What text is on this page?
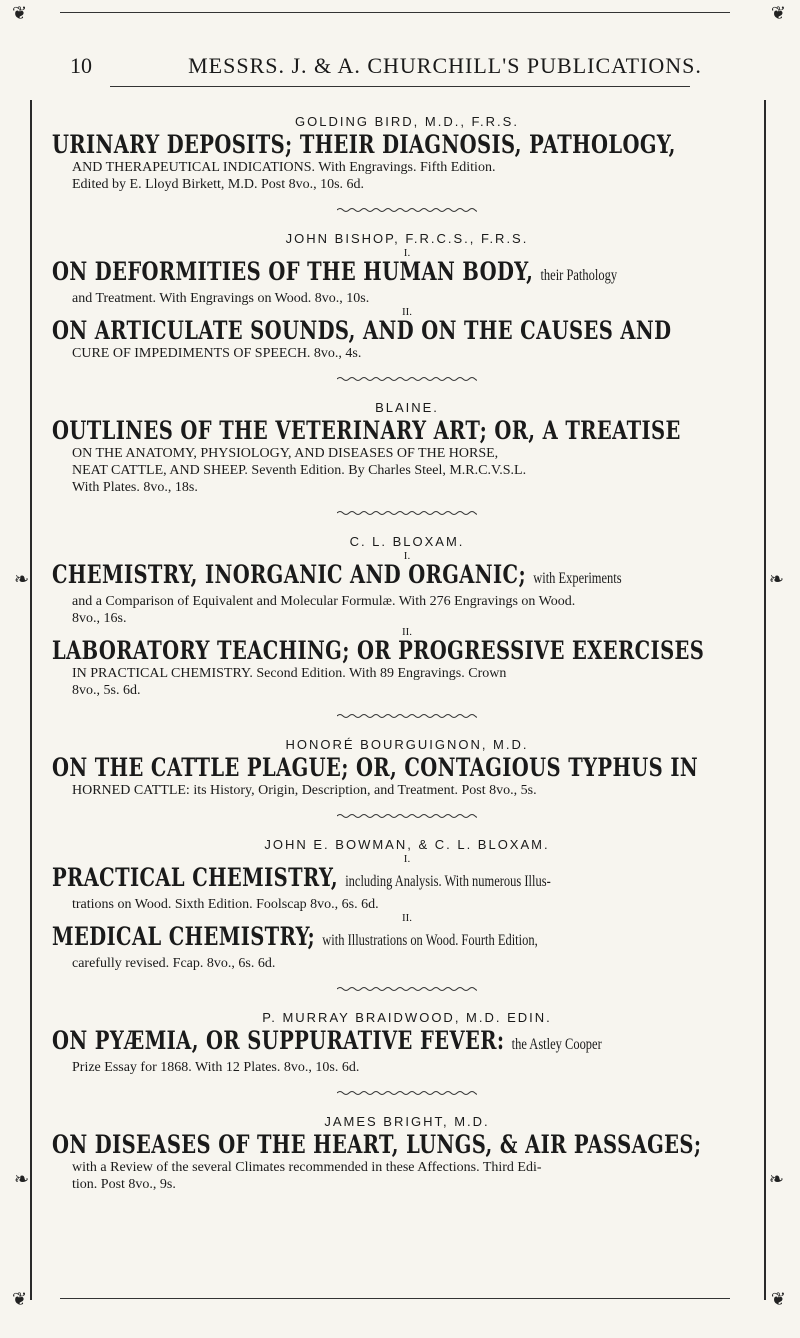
❦	❦
❦	❦
❧	❧
❧	❧
10	MESSRS. J. & A. CHURCHILL'S PUBLICATIONS.
GOLDING BIRD, M.D., F.R.S.
URINARY DEPOSITS; THEIR DIAGNOSIS, PATHOLOGY,
AND THERAPEUTICAL INDICATIONS. With Engravings. Fifth Edition.
Edited by E. Lloyd Birkett, M.D. Post 8vo., 10s. 6d.
JOHN BISHOP, F.R.C.S., F.R.S.
I.
ON DEFORMITIES OF THE HUMAN BODY, their Pathology
and Treatment. With Engravings on Wood. 8vo., 10s.
II.
ON ARTICULATE SOUNDS, AND ON THE CAUSES AND
CURE OF IMPEDIMENTS OF SPEECH. 8vo., 4s.
BLAINE.
OUTLINES OF THE VETERINARY ART; OR, A TREATISE
ON THE ANATOMY, PHYSIOLOGY, AND DISEASES OF THE HORSE,
NEAT CATTLE, AND SHEEP. Seventh Edition. By Charles Steel, M.R.C.V.S.L.
With Plates. 8vo., 18s.
C. L. BLOXAM.
I.
CHEMISTRY, INORGANIC AND ORGANIC; with Experiments
and a Comparison of Equivalent and Molecular Formulæ. With 276 Engravings on Wood.
8vo., 16s.
II.
LABORATORY TEACHING; OR PROGRESSIVE EXERCISES
IN PRACTICAL CHEMISTRY. Second Edition. With 89 Engravings. Crown
8vo., 5s. 6d.
HONORÉ BOURGUIGNON, M.D.
ON THE CATTLE PLAGUE; OR, CONTAGIOUS TYPHUS IN
HORNED CATTLE: its History, Origin, Description, and Treatment. Post 8vo., 5s.
JOHN E. BOWMAN, & C. L. BLOXAM.
I.
PRACTICAL CHEMISTRY, including Analysis. With numerous Illus-
trations on Wood. Sixth Edition. Foolscap 8vo., 6s. 6d.
II.
MEDICAL CHEMISTRY; with Illustrations on Wood. Fourth Edition,
carefully revised. Fcap. 8vo., 6s. 6d.
P. MURRAY BRAIDWOOD, M.D. EDIN.
ON PYÆMIA, OR SUPPURATIVE FEVER: the Astley Cooper
Prize Essay for 1868. With 12 Plates. 8vo., 10s. 6d.
JAMES BRIGHT, M.D.
ON DISEASES OF THE HEART, LUNGS, & AIR PASSAGES;
with a Review of the several Climates recommended in these Affections. Third Edi-
tion. Post 8vo., 9s.
